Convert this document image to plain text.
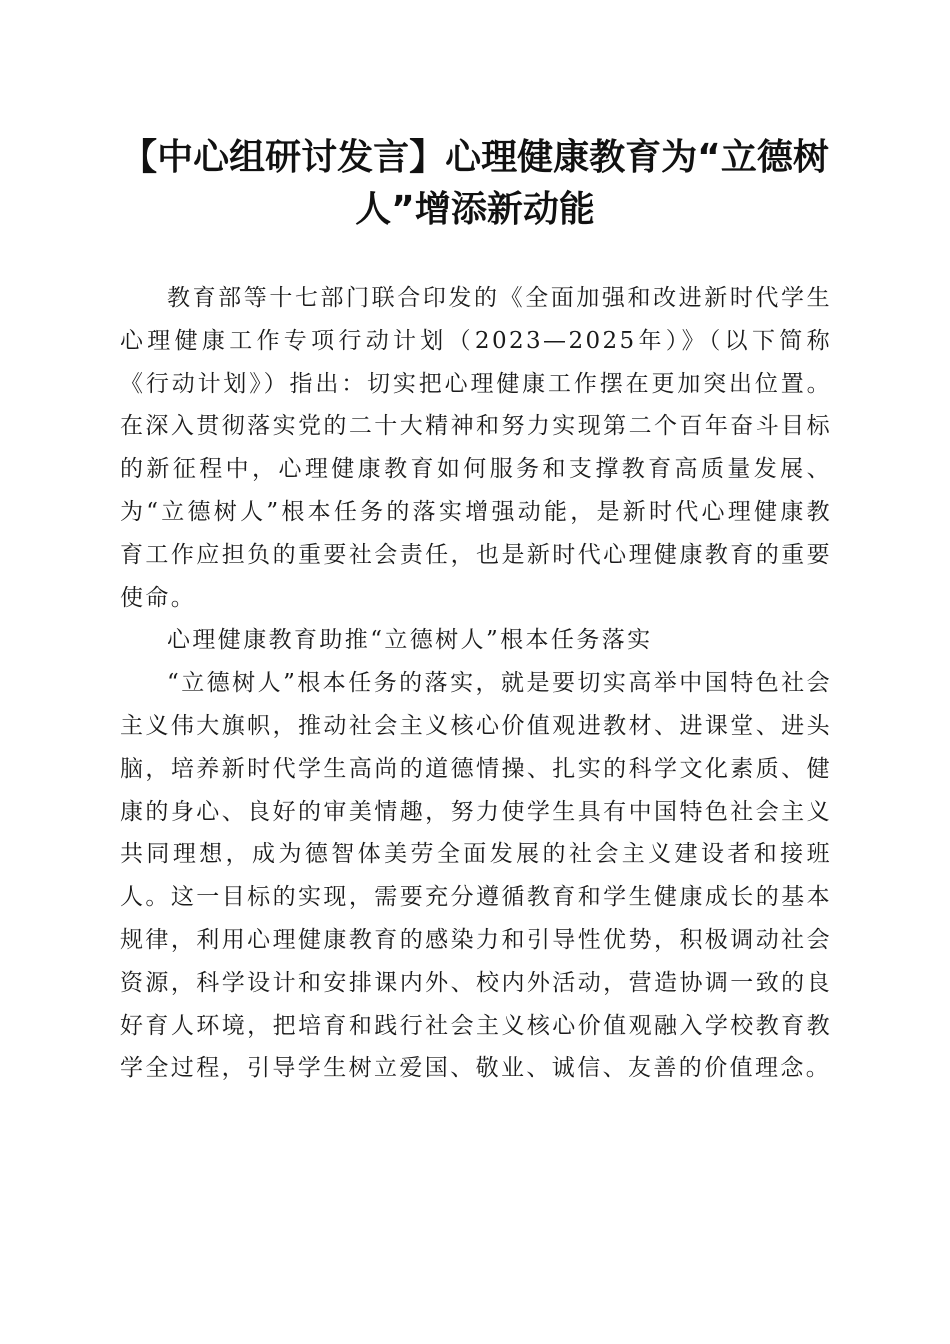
【中心组研讨发言】心理健康教育为“立德树
人”增添新动能

教育部等十七部门联合印发的《全面加强和改进新时代学生心理健康工作专项行动计划（2023—2025年）》（以下简称《行动计划》）指出：切实把心理健康工作摆在更加突出位置。在深入贯彻落实党的二十大精神和努力实现第二个百年奋斗目标的新征程中，心理健康教育如何服务和支撑教育高质量发展、为“立德树人”根本任务的落实增强动能，是新时代心理健康教育工作应担负的重要社会责任，也是新时代心理健康教育的重要使命。

心理健康教育助推“立德树人”根本任务落实

“立德树人”根本任务的落实，就是要切实高举中国特色社会主义伟大旗帜，推动社会主义核心价值观进教材、进课堂、进头脑，培养新时代学生高尚的道德情操、扎实的科学文化素质、健康的身心、良好的审美情趣，努力使学生具有中国特色社会主义共同理想，成为德智体美劳全面发展的社会主义建设者和接班人。这一目标的实现，需要充分遵循教育和学生健康成长的基本规律，利用心理健康教育的感染力和引导性优势，积极调动社会资源，科学设计和安排课内外、校内外活动，营造协调一致的良好育人环境，把培育和践行社会主义核心价值观融入学校教育教学全过程，引导学生树立爱国、敬业、诚信、友善的价值理念。
